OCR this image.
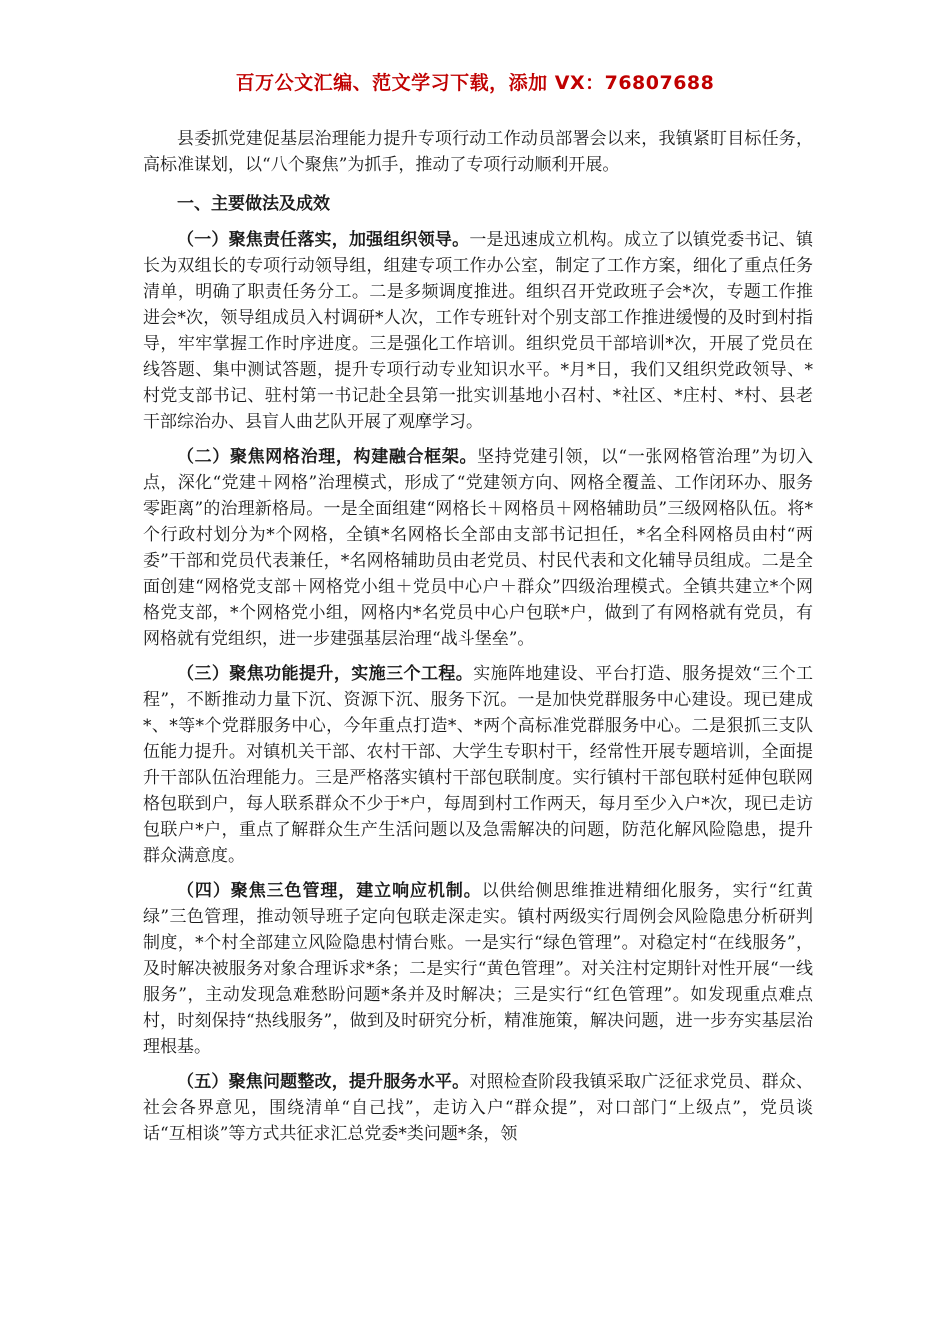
百万公文汇编、范文学习下载，添加 VX：76807688

县委抓党建促基层治理能力提升专项行动工作动员部署会以来，我镇紧盯目标任务，高标准谋划，以“八个聚焦”为抓手，推动了专项行动顺利开展。

一、主要做法及成效

（一）聚焦责任落实，加强组织领导。一是迅速成立机构。成立了以镇党委书记、镇长为双组长的专项行动领导组，组建专项工作办公室，制定了工作方案，细化了重点任务清单，明确了职责任务分工。二是多频调度推进。组织召开党政班子会*次，专题工作推进会*次，领导组成员入村调研*人次，工作专班针对个别支部工作推进缓慢的及时到村指导，牢牢掌握工作时序进度。三是强化工作培训。组织党员干部培训*次，开展了党员在线答题、集中测试答题，提升专项行动专业知识水平。*月*日，我们又组织党政领导、*村党支部书记、驻村第一书记赴全县第一批实训基地小召村、*社区、*庄村、*村、县老干部综治办、县盲人曲艺队开展了观摩学习。

（二）聚焦网格治理，构建融合框架。坚持党建引领，以“一张网格管治理”为切入点，深化“党建＋网格”治理模式，形成了“党建领方向、网格全覆盖、工作闭环办、服务零距离”的治理新格局。一是全面组建“网格长＋网格员＋网格辅助员”三级网格队伍。将*个行政村划分为*个网格，全镇*名网格长全部由支部书记担任，*名全科网格员由村“两委”干部和党员代表兼任，*名网格辅助员由老党员、村民代表和文化辅导员组成。二是全面创建“网格党支部＋网格党小组＋党员中心户＋群众”四级治理模式。全镇共建立*个网格党支部，*个网格党小组，网格内*名党员中心户包联*户，做到了有网格就有党员，有网格就有党组织，进一步建强基层治理“战斗堡垒”。

（三）聚焦功能提升，实施三个工程。实施阵地建设、平台打造、服务提效“三个工程”，不断推动力量下沉、资源下沉、服务下沉。一是加快党群服务中心建设。现已建成*、*等*个党群服务中心，今年重点打造*、*两个高标准党群服务中心。二是狠抓三支队伍能力提升。对镇机关干部、农村干部、大学生专职村干，经常性开展专题培训，全面提升干部队伍治理能力。三是严格落实镇村干部包联制度。实行镇村干部包联村延伸包联网格包联到户，每人联系群众不少于*户，每周到村工作两天，每月至少入户*次，现已走访包联户*户，重点了解群众生产生活问题以及急需解决的问题，防范化解风险隐患，提升群众满意度。

（四）聚焦三色管理，建立响应机制。以供给侧思维推进精细化服务，实行“红黄绿”三色管理，推动领导班子定向包联走深走实。镇村两级实行周例会风险隐患分析研判制度，*个村全部建立风险隐患村情台账。一是实行“绿色管理”。对稳定村“在线服务”，及时解决被服务对象合理诉求*条；二是实行“黄色管理”。对关注村定期针对性开展“一线服务”，主动发现急难愁盼问题*条并及时解决；三是实行“红色管理”。如发现重点难点村，时刻保持“热线服务”，做到及时研究分析，精准施策，解决问题，进一步夯实基层治理根基。

（五）聚焦问题整改，提升服务水平。对照检查阶段我镇采取广泛征求党员、群众、社会各界意见，围绕清单“自己找”，走访入户“群众提”，对口部门“上级点”，党员谈话“互相谈”等方式共征求汇总党委*类问题*条，领
